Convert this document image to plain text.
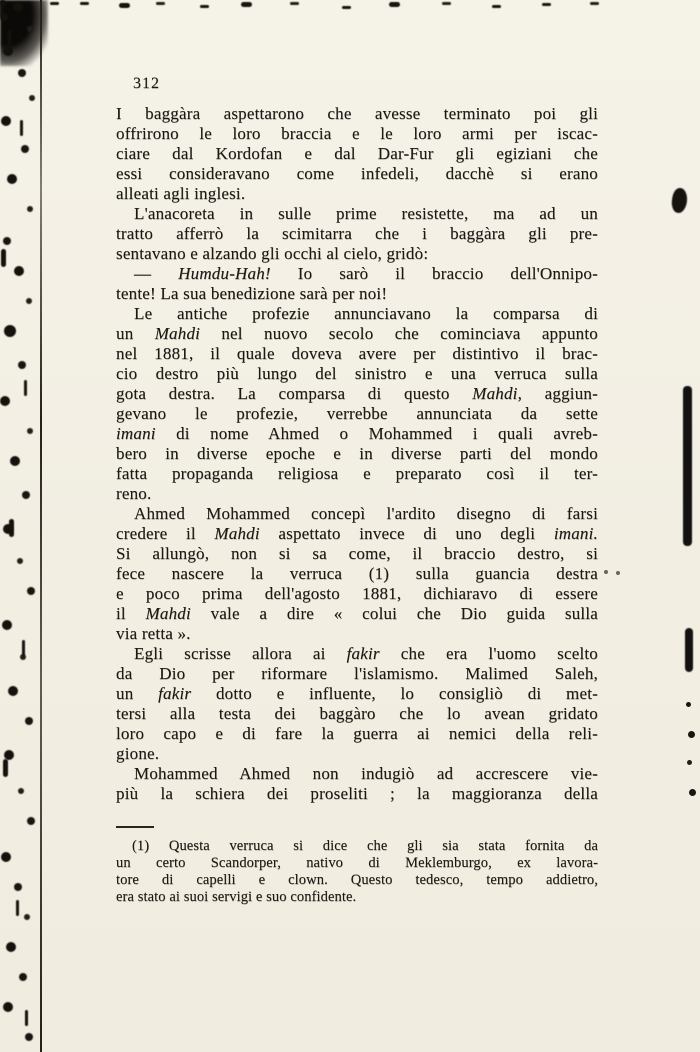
312
I baggàra aspettarono che avesse terminato poi gli
offrirono le loro braccia e le loro armi per iscac-
ciare dal Kordofan e dal Dar-Fur gli egiziani che
essi consideravano come infedeli, dacchè si erano
alleati agli inglesi.
L'anacoreta in sulle prime resistette, ma ad un
tratto afferrò la scimitarra che i baggàra gli pre-
sentavano e alzando gli occhi al cielo, gridò:
— Humdu-Hah! Io sarò il braccio dell'Onnipo-
tente! La sua benedizione sarà per noi!
Le antiche profezie annunciavano la comparsa di
un Mahdi nel nuovo secolo che cominciava appunto
nel 1881, il quale doveva avere per distintivo il brac-
cio destro più lungo del sinistro e una verruca sulla
gota destra. La comparsa di questo Mahdi, aggiun-
gevano le profezie, verrebbe annunciata da sette
imani di nome Ahmed o Mohammed i quali avreb-
bero in diverse epoche e in diverse parti del mondo
fatta propaganda religiosa e preparato così il ter-
reno.
Ahmed Mohammed concepì l'ardito disegno di farsi
credere il Mahdi aspettato invece di uno degli imani.
Si allungò, non si sa come, il braccio destro, si
fece nascere la verruca (1) sulla guancia destra
e poco prima dell'agosto 1881, dichiaravo di essere
il Mahdi vale a dire « colui che Dio guida sulla
via retta ».
Egli scrisse allora ai fakir che era l'uomo scelto
da Dio per riformare l'islamismo. Malimed Saleh,
un fakir dotto e influente, lo consigliò di met-
tersi alla testa dei baggàro che lo avean gridato
loro capo e di fare la guerra ai nemici della reli-
gione.
Mohammed Ahmed non indugiò ad accrescere vie-
più la schiera dei proseliti ; la maggioranza della
(1) Questa verruca si dice che gli sia stata fornita da
un certo Scandorper, nativo di Meklemburgo, ex lavora-
tore di capelli e clown. Questo tedesco, tempo addietro,
era stato ai suoi servigi e suo confidente.
